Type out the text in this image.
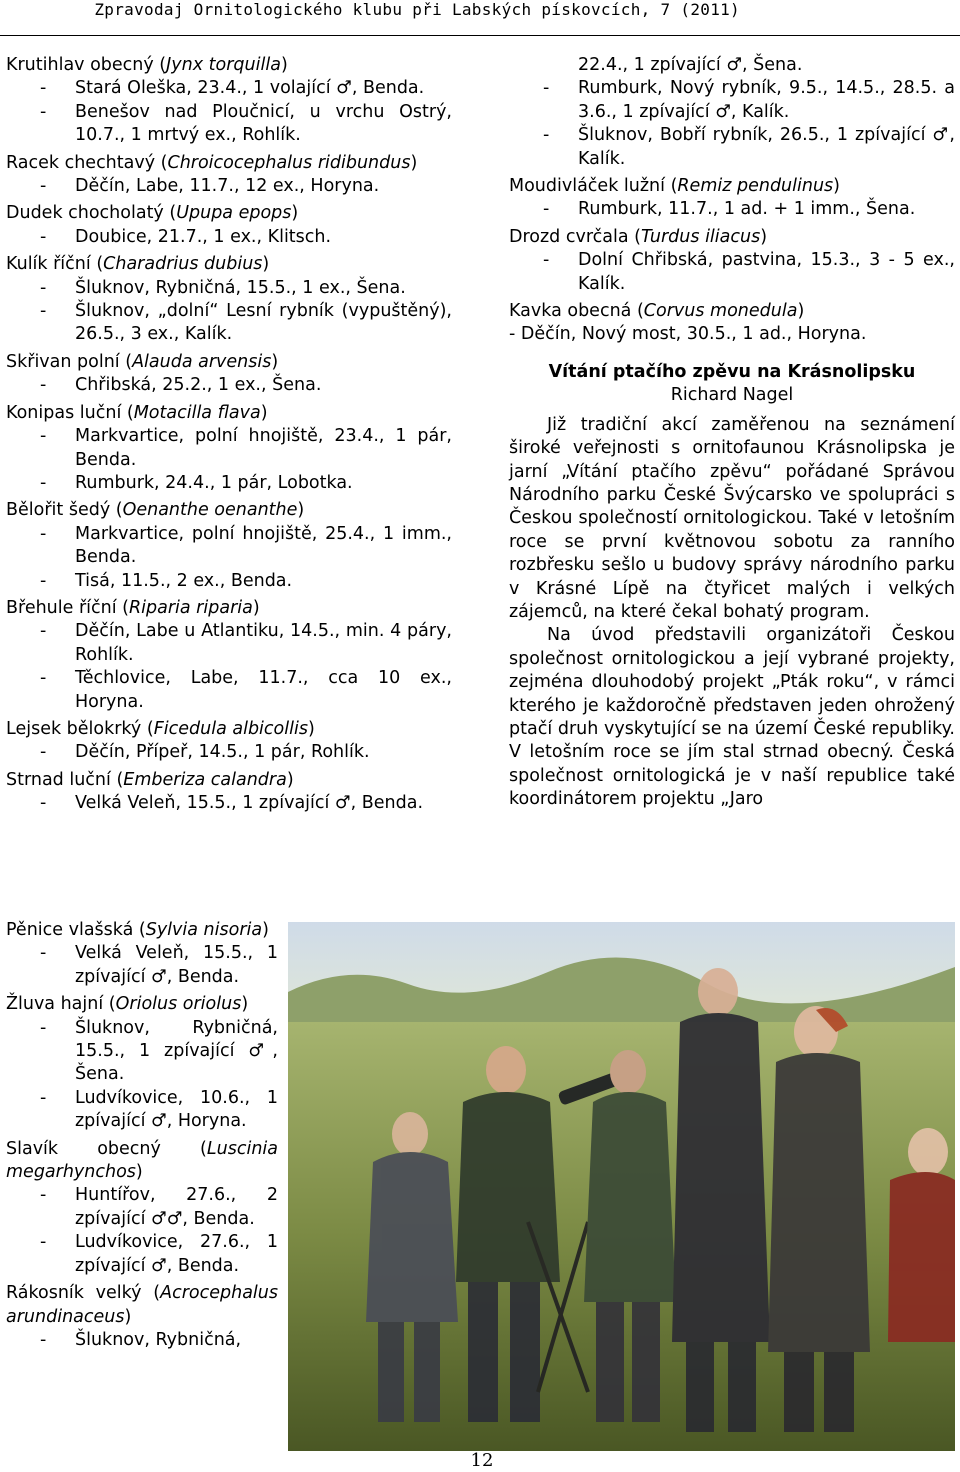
Zpravodaj Ornitologického klubu při Labských pískovcích, 7 (2011)
Krutihlav obecný (Jynx torquilla)
- Stará Oleška, 23.4., 1 volající ♂, Benda.
- Benešov nad Ploučnicí, u vrchu Ostrý, 10.7., 1 mrtvý ex., Rohlík.
Racek chechtavý (Chroicocephalus ridibundus)
- Děčín, Labe, 11.7., 12 ex., Horyna.
Dudek chocholatý (Upupa epops)
- Doubice, 21.7., 1 ex., Klitsch.
Kulík říční (Charadrius dubius)
- Šluknov, Rybničná, 15.5., 1 ex., Šena.
- Šluknov, „dolní“ Lesní rybník (vypuštěný), 26.5., 3 ex., Kalík.
Skřivan polní (Alauda arvensis)
- Chřibská, 25.2., 1 ex., Šena.
Konipas luční (Motacilla flava)
- Markvartice, polní hnojiště, 23.4., 1 pár, Benda.
- Rumburk, 24.4., 1 pár, Lobotka.
Bělořit šedý (Oenanthe oenanthe)
- Markvartice, polní hnojiště, 25.4., 1 imm., Benda.
- Tisá, 11.5., 2 ex., Benda.
Břehule říční (Riparia riparia)
- Děčín, Labe u Atlantiku, 14.5., min. 4 páry, Rohlík.
- Těchlovice, Labe, 11.7., cca 10 ex., Horyna.
Lejsek bělokrký (Ficedula albicollis)
- Děčín, Přípeř, 14.5., 1 pár, Rohlík.
Strnad luční (Emberiza calandra)
- Velká Veleň, 15.5., 1 zpívající ♂, Benda.
Pěnice vlašská (Sylvia nisoria)
- Velká Veleň, 15.5., 1 zpívající ♂, Benda.
Žluva hajní (Oriolus oriolus)
- Šluknov, Rybničná, 15.5., 1 zpívající ♂, Šena.
- Ludvíkovice, 10.6., 1 zpívající ♂, Horyna.
Slavík obecný (Luscinia megarhynchos)
- Huntířov, 27.6., 2 zpívající ♂♂, Benda.
- Ludvíkovice, 27.6., 1 zpívající ♂, Benda.
Rákosník velký (Acrocephalus arundinaceus)
- Šluknov, Rybničná,
22.4., 1 zpívající ♂, Šena.
- Rumburk, Nový rybník, 9.5., 14.5., 28.5. a 3.6., 1 zpívající ♂, Kalík.
- Šluknov, Bobří rybník, 26.5., 1 zpívající ♂, Kalík.
Moudivláček lužní (Remiz pendulinus)
- Rumburk, 11.7., 1 ad. + 1 imm., Šena.
Drozd cvrčala (Turdus iliacus)
- Dolní Chřibská, pastvina, 15.3., 3 - 5 ex., Kalík.
Kavka obecná (Corvus monedula)
- Děčín, Nový most, 30.5., 1 ad., Horyna.
Vítání ptačího zpěvu na Krásnolipsku
Richard Nagel

Již tradiční akcí zaměřenou na seznámení široké veřejnosti s ornitofaunou Krásnolipska je jarní „Vítání ptačího zpěvu“ pořádané Správou Národního parku České Švýcarsko ve spolupráci s Českou společností ornitologickou. Také v letošním roce se první květnovou sobotu za ranního rozbřesku sešlo u budovy správy národního parku v Krásné Lípě na čtyřicet malých i velkých zájemců, na které čekal bohatý program.

Na úvod představili organizátoři Českou společnost ornitologickou a její vybrané projekty, zejména dlouhodobý projekt „Pták roku“, v rámci kterého je každoročně představen jeden ohrožený ptačí druh vyskytující se na území České republiky. V letošním roce se jím stal strnad obecný. Česká společnost ornitologická je v naší republice také koordinátorem projektu „Jaro

12
